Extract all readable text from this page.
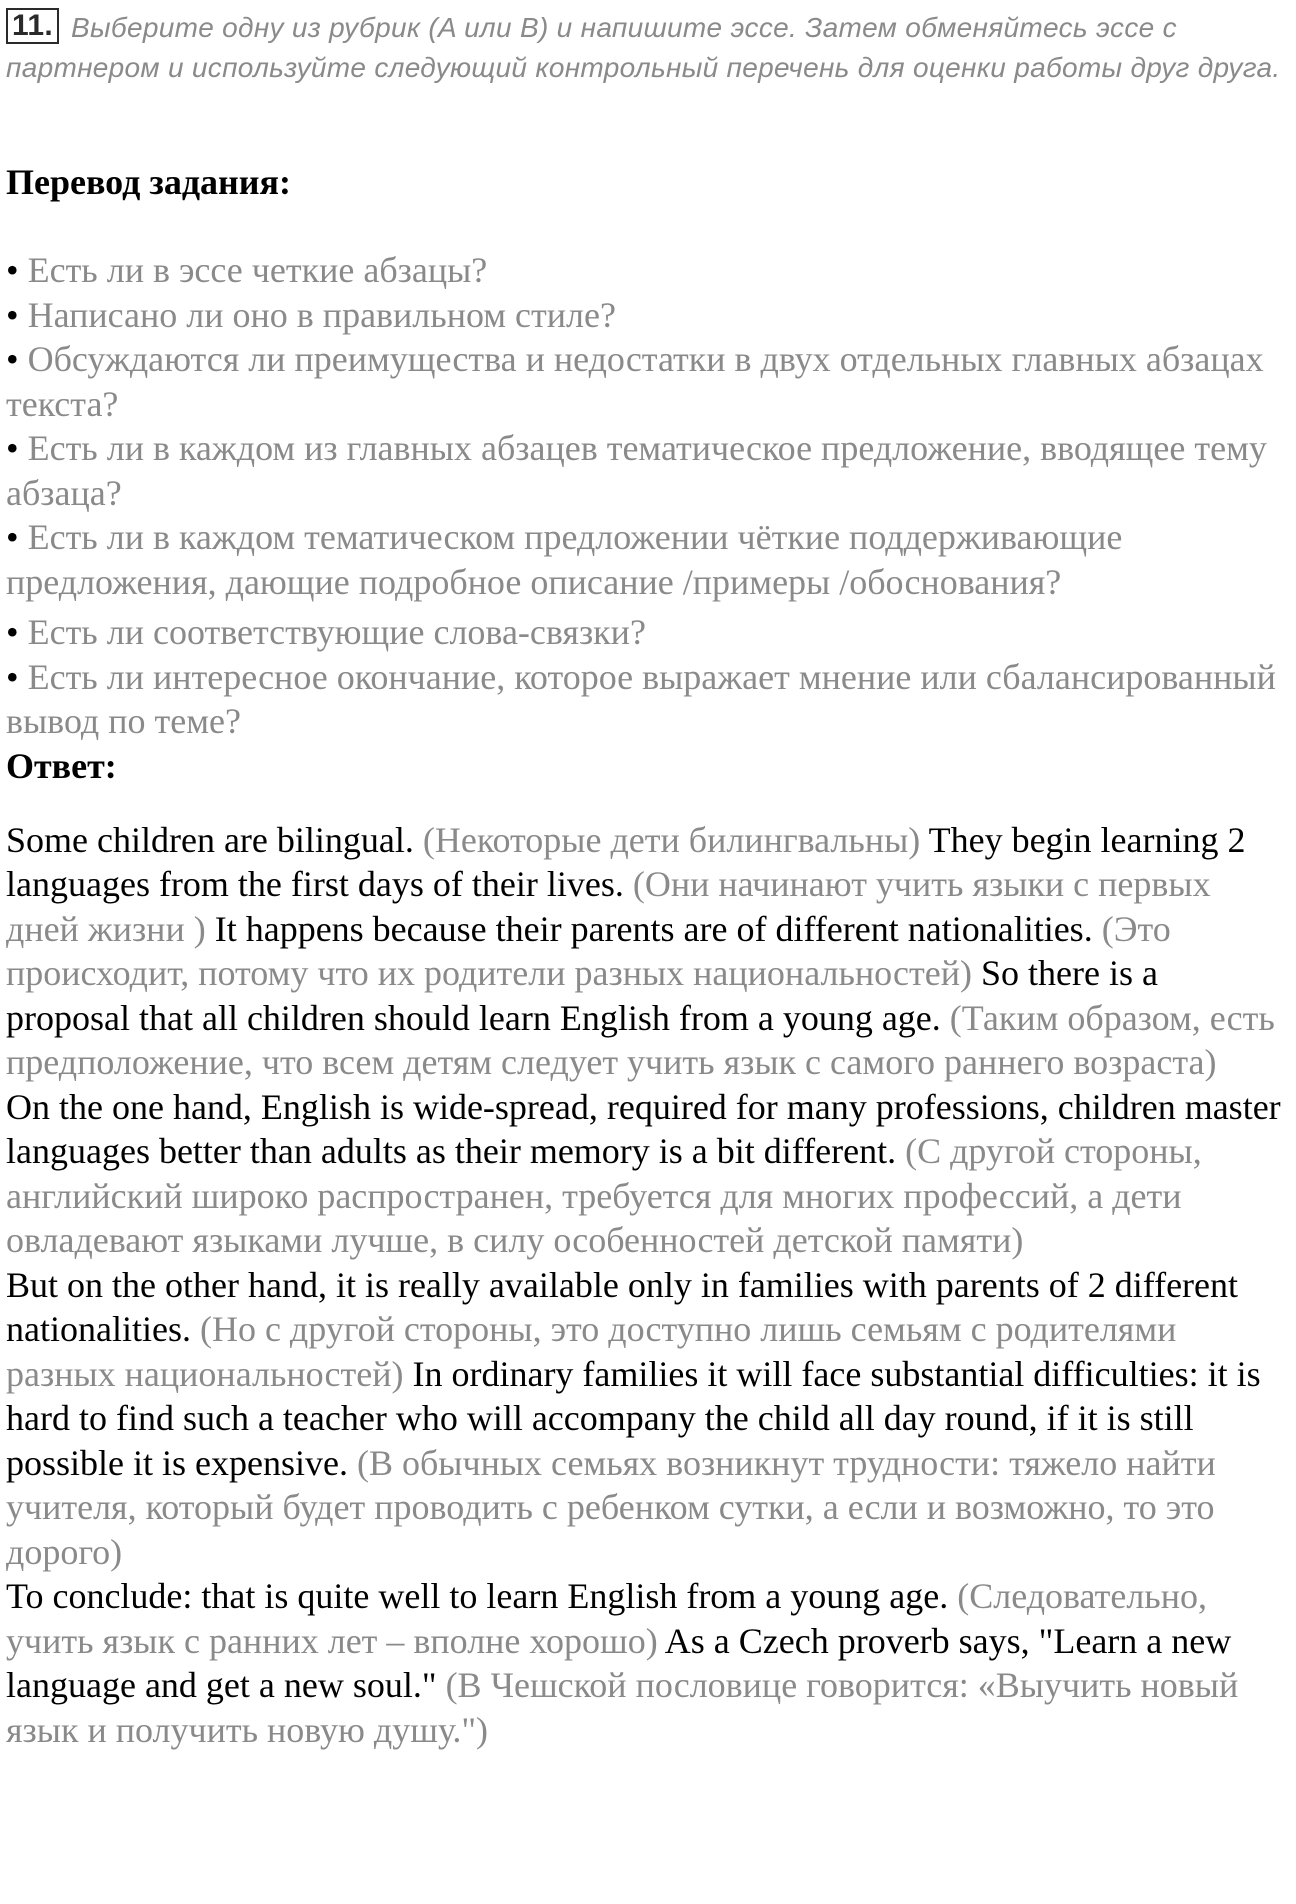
11. Выберите одну из рубрик (A или B) и напишите эссе. Затем обменяйтесь эссе с партнером и используйте следующий контрольный перечень для оценки работы друг друга.
Перевод задания:
• Есть ли в эссе четкие абзацы?
• Написано ли оно в правильном стиле?
• Обсуждаются ли преимущества и недостатки в двух отдельных главных абзацах текста?
• Есть ли в каждом из главных абзацев тематическое предложение, вводящее тему абзаца?
• Есть ли в каждом тематическом предложении чёткие поддерживающие предложения, дающие подробное описание /примеры /обоснования?
• Есть ли соответствующие слова-связки?
• Есть ли интересное окончание, которое выражает мнение или сбалансированный вывод по теме?
Ответ:

Some children are bilingual. (Некоторые дети билингвальны) They begin learning 2 languages from the first days of their lives. (Они начинают учить языки с первых дней жизни ) It happens because their parents are of different nationalities. (Это происходит, потому что их родители разных национальностей) So there is a proposal that all children should learn English from a young age. (Таким образом, есть предположение, что всем детям следует учить язык с самого раннего возраста)

On the one hand, English is wide-spread, required for many professions, children master languages better than adults as their memory is a bit different. (С другой стороны, английский широко распространен, требуется для многих профессий, а дети овладевают языками лучше, в силу особенностей детской памяти)

But on the other hand, it is really available only in families with parents of 2 different nationalities. (Но с другой стороны, это доступно лишь семьям с родителями разных национальностей) In ordinary families it will face substantial difficulties: it is hard to find such a teacher who will accompany the child all day round, if it is still possible it is expensive. (В обычных семьях возникнут трудности: тяжело найти учителя, который будет проводить с ребенком сутки, а если и возможно, то это дорого)

To conclude: that is quite well to learn English from a young age. (Следовательно, учить язык с ранних лет – вполне хорошо) As a Czech proverb says, "Learn a new language and get a new soul." (В Чешской пословице говорится: «Выучить новый язык и получить новую душу.")
